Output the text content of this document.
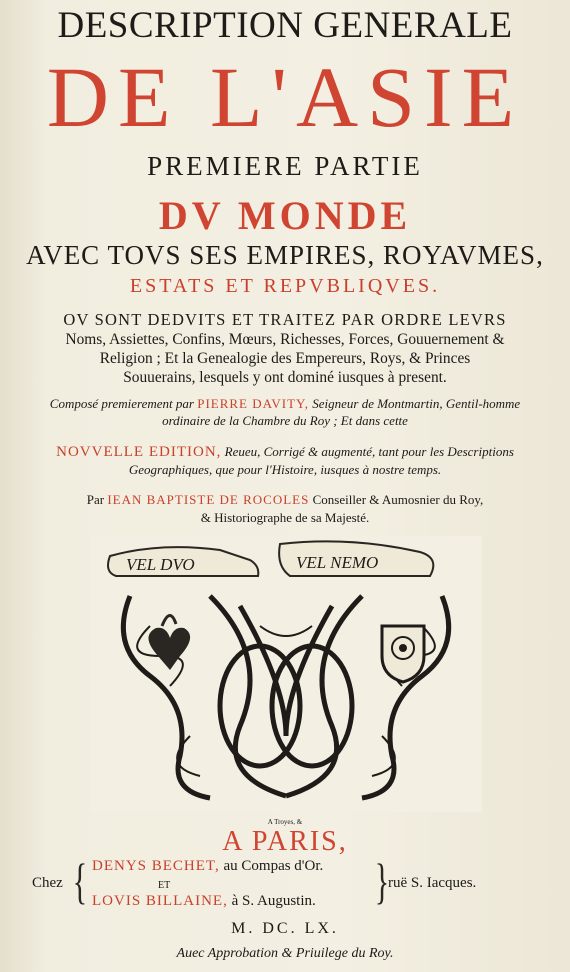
DESCRIPTION GENERALE
DE L'ASIE
PREMIERE PARTIE
DV MONDE
AVEC TOVS SES EMPIRES, ROYAVMES,
ESTATS ET REPVBLIQVES.
OV SONT DEDVITS ET TRAITEZ PAR ORDRE LEVRS
Noms, Assiettes, Confins, Mœurs, Richesses, Forces, Gouuernement &
Religion ; Et la Genealogie des Empereurs, Roys, & Princes
Souuerains, lesquels y ont dominé iusques à present.
Composé premierement par PIERRE DAVITY, Seigneur de Montmartin, Gentil-homme
ordinaire de la Chambre du Roy ; Et dans cette
NOVVELLE EDITION, Reueu, Corrigé & augmenté, tant pour les Descriptions
Geographiques, que pour l'Histoire, iusques à nostre temps.
Par IEAN BAPTISTE DE ROCOLES Conseiller & Aumosnier du Roy,
& Historiographe de sa Majesté.
VEL DVO	VEL NEMO
A Troyes, &
A PARIS,
Chez { DENYS BECHET, au Compas d'Or.
ET
LOVIS BILLAINE, à S. Augustin. }
ruë S. Iacques.
M. DC. LX.
Auec Approbation & Priuilege du Roy.
